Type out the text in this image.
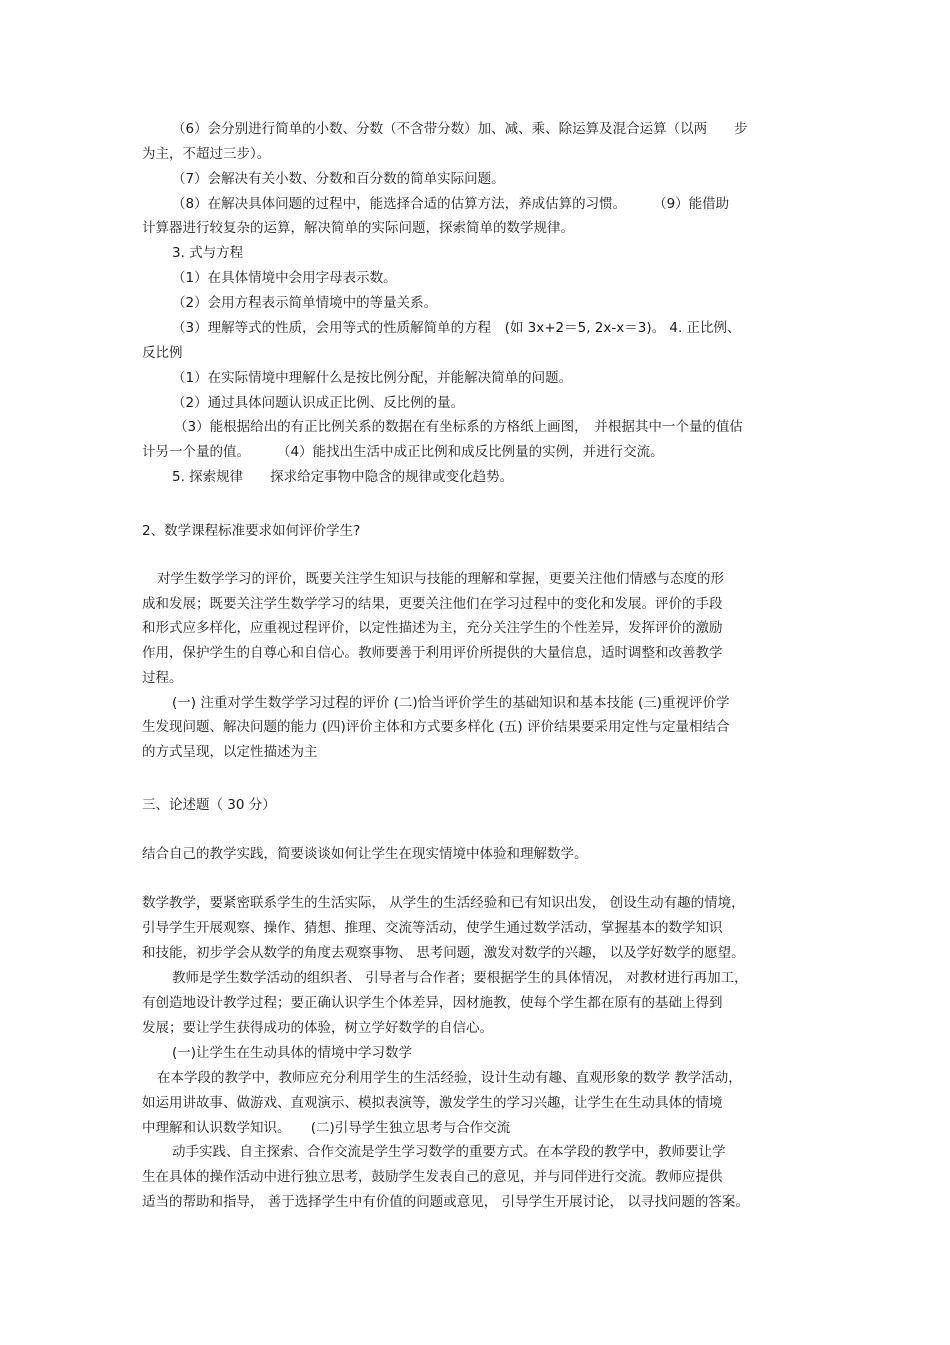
（6）会分别进行简单的小数、分数（不含带分数）加、减、乘、除运算及混合运算（以两　　步
为主，不超过三步）。
（7）会解决有关小数、分数和百分数的简单实际问题。
（8）在解决具体问题的过程中，能选择合适的估算方法，养成估算的习惯。　　　（9）能借助
计算器进行较复杂的运算，解决简单的实际问题，探索简单的数学规律。
3. 式与方程
（1）在具体情境中会用字母表示数。
（2）会用方程表示简单情境中的等量关系。
（3）理解等式的性质，会用等式的性质解简单的方程　(如 3x+2＝5, 2x-x＝3)。 4. 正比例、
反比例
（1）在实际情境中理解什么是按比例分配，并能解决简单的问题。
（2）通过具体问题认识成正比例、反比例的量。
（3）能根据给出的有正比例关系的数据在有坐标系的方格纸上画图，　并根据其中一个量的值估
计另一个量的值。　　　（4）能找出生活中成正比例和成反比例量的实例，并进行交流。
5. 探索规律　　探求给定事物中隐含的规律或变化趋势。
2、数学课程标准要求如何评价学生?
对学生数学学习的评价，既要关注学生知识与技能的理解和掌握，更要关注他们情感与态度的形
成和发展；既要关注学生数学学习的结果，更要关注他们在学习过程中的变化和发展。评价的手段
和形式应多样化，应重视过程评价，以定性描述为主，充分关注学生的个性差异，发挥评价的激励
作用，保护学生的自尊心和自信心。教师要善于利用评价所提供的大量信息，适时调整和改善教学
过程。
(一) 注重对学生数学学习过程的评价 (二)恰当评价学生的基础知识和基本技能 (三)重视评价学
生发现问题、解决问题的能力 (四)评价主体和方式要多样化 (五) 评价结果要采用定性与定量相结合
的方式呈现，以定性描述为主
三、论述题（ 30 分）
结合自己的教学实践，简要谈谈如何让学生在现实情境中体验和理解数学。
数学教学，要紧密联系学生的生活实际， 从学生的生活经验和已有知识出发， 创设生动有趣的情境，
引导学生开展观察、操作、猜想、推理、交流等活动，使学生通过数学活动，掌握基本的数学知识
和技能，初步学会从数学的角度去观察事物、 思考问题，激发对数学的兴趣， 以及学好数学的愿望。
教师是学生数学活动的组织者、 引导者与合作者；要根据学生的具体情况， 对教材进行再加工，
有创造地设计教学过程；要正确认识学生个体差异，因材施教，使每个学生都在原有的基础上得到
发展；要让学生获得成功的体验，树立学好数学的自信心。
(一)让学生在生动具体的情境中学习数学
在本学段的教学中，教师应充分利用学生的生活经验，设计生动有趣、直观形象的数学 教学活动，
如运用讲故事、做游戏、直观演示、模拟表演等，激发学生的学习兴趣，让学生在生动具体的情境
中理解和认识数学知识。　　(二)引导学生独立思考与合作交流
动手实践、自主探索、合作交流是学生学习数学的重要方式。在本学段的教学中，教师要让学
生在具体的操作活动中进行独立思考，鼓励学生发表自己的意见，并与同伴进行交流。教师应提供
适当的帮助和指导， 善于选择学生中有价值的问题或意见， 引导学生开展讨论， 以寻找问题的答案。
